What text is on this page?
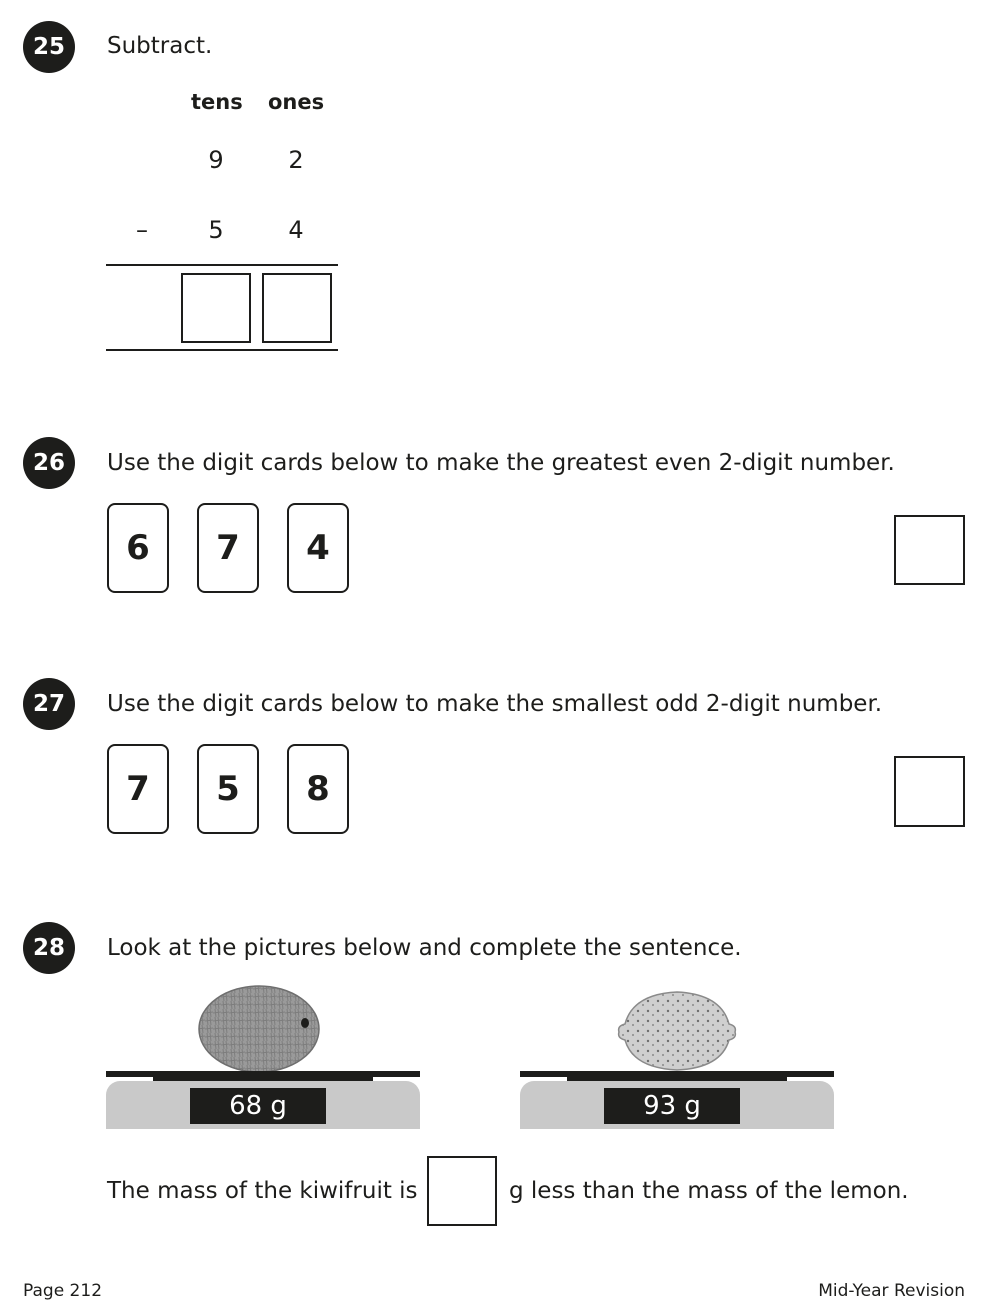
25	Subtract.
tens ones
9	2
–	5	4
26	Use the digit cards below to make the greatest even 2-digit number.
6	7	4
27	Use the digit cards below to make the smallest odd 2-digit number.
7	5	8
28	Look at the pictures below and complete the sentence.
68 g	93 g
The mass of the kiwifruit is	g less than the mass of the lemon.
Page 212	Mid-Year Revision
